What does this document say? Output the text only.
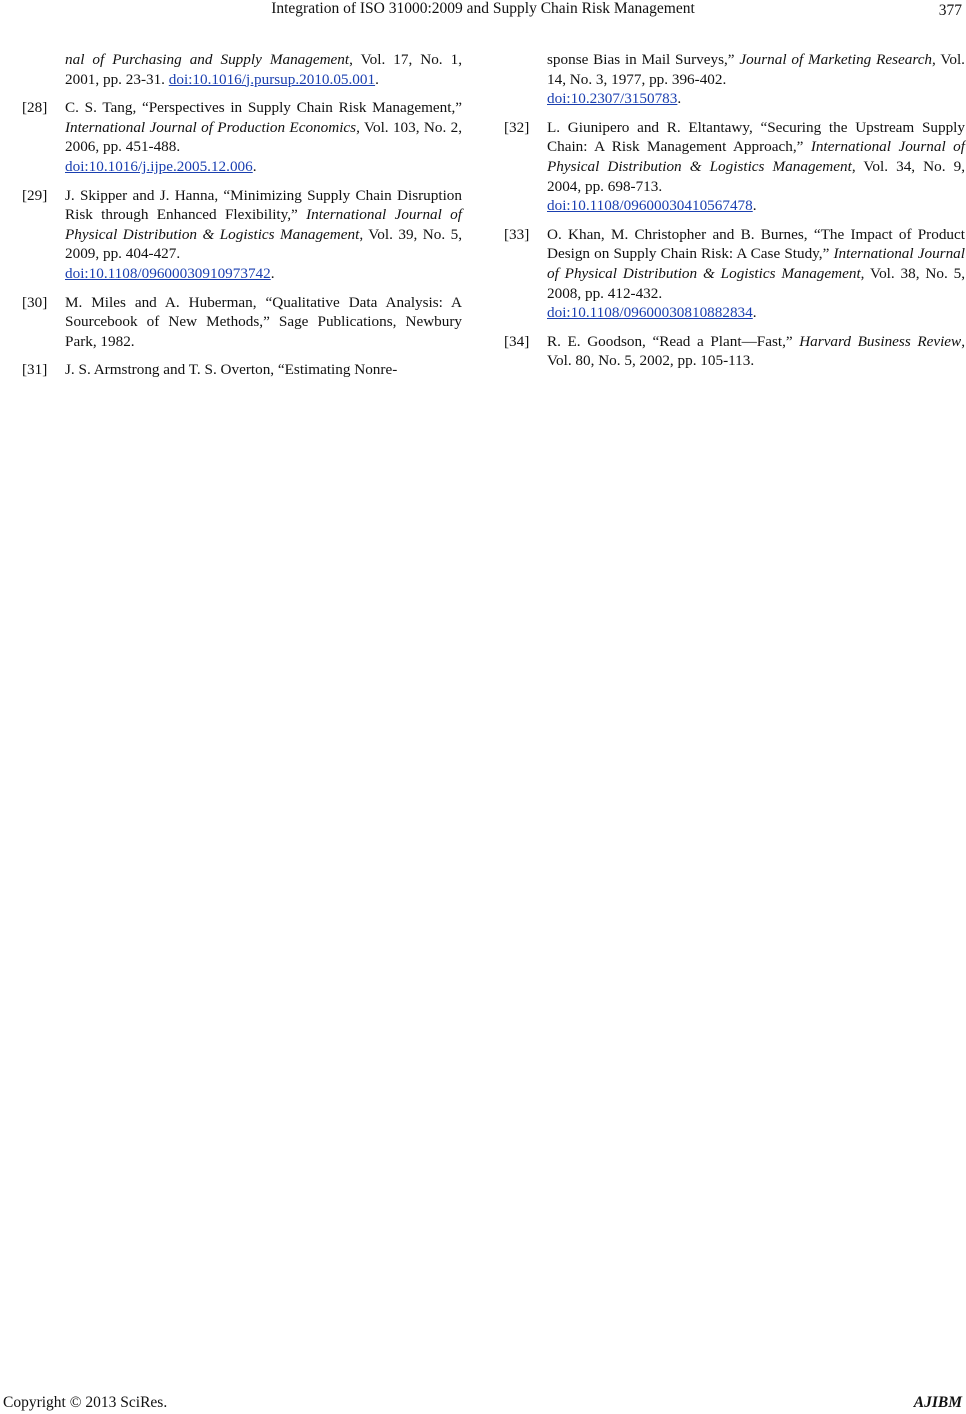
Integration of ISO 31000:2009 and Supply Chain Risk Management	377
nal of Purchasing and Supply Management, Vol. 17, No. 1, 2001, pp. 23-31. doi:10.1016/j.pursup.2010.05.001.
[28] C. S. Tang, “Perspectives in Supply Chain Risk Management,” International Journal of Production Economics, Vol. 103, No. 2, 2006, pp. 451-488.
doi:10.1016/j.ijpe.2005.12.006.
[29] J. Skipper and J. Hanna, “Minimizing Supply Chain Disruption Risk through Enhanced Flexibility,” International Journal of Physical Distribution & Logistics Management, Vol. 39, No. 5, 2009, pp. 404-427.
doi:10.1108/09600030910973742.
[30] M. Miles and A. Huberman, “Qualitative Data Analysis: A Sourcebook of New Methods,” Sage Publications, Newbury Park, 1982.
[31] J. S. Armstrong and T. S. Overton, “Estimating Nonre-
sponse Bias in Mail Surveys,” Journal of Marketing Research, Vol. 14, No. 3, 1977, pp. 396-402.
doi:10.2307/3150783.
[32] L. Giunipero and R. Eltantawy, “Securing the Upstream Supply Chain: A Risk Management Approach,” International Journal of Physical Distribution & Logistics Management, Vol. 34, No. 9, 2004, pp. 698-713.
doi:10.1108/09600030410567478.
[33] O. Khan, M. Christopher and B. Burnes, “The Impact of Product Design on Supply Chain Risk: A Case Study,” International Journal of Physical Distribution & Logistics Management, Vol. 38, No. 5, 2008, pp. 412-432.
doi:10.1108/09600030810882834.
[34] R. E. Goodson, “Read a Plant—Fast,” Harvard Business Review, Vol. 80, No. 5, 2002, pp. 105-113.
Copyright © 2013 SciRes.	AJIBM
